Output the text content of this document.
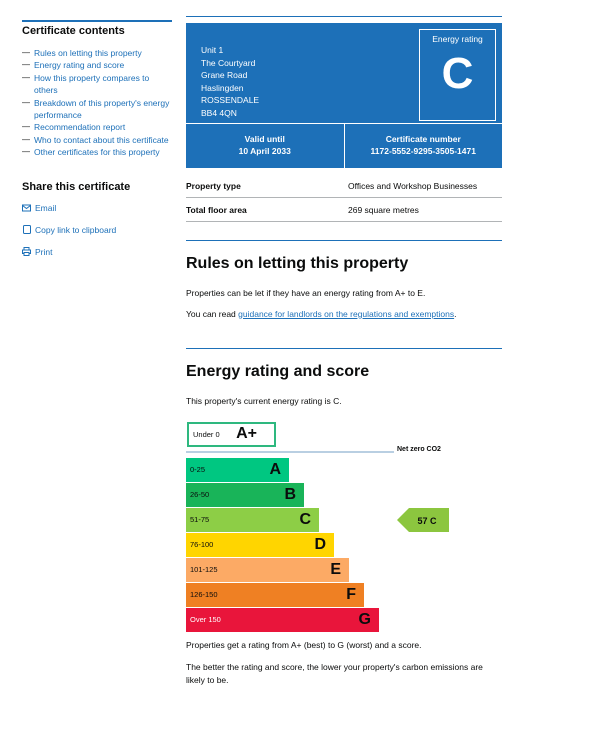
Certificate contents
— Rules on letting this property
— Energy rating and score
— How this property compares to others
— Breakdown of this property's energy performance
— Recommendation report
— Who to contact about this certificate
— Other certificates for this property
Share this certificate
Email
Copy link to clipboard
Print
Unit 1
The Courtyard
Grane Road
Haslingden
ROSSENDALE
BB4 4QN
Energy rating
C
Valid until
10 April 2033
Certificate number
1172-5552-9295-3505-1471
Property type	Offices and Workshop Businesses
Total floor area	269 square metres
Rules on letting this property

Properties can be let if they have an energy rating from A+ to E.

You can read guidance for landlords on the regulations and exemptions.

Energy rating and score

This property's current energy rating is C.

Under 0 A+
Net zero CO2
0-25	A
26-50	B
51-75	C
76-100	D
101-125	E
126-150	F
Over 150	G
57 C

Properties get a rating from A+ (best) to G (worst) and a score.

The better the rating and score, the lower your property's carbon emissions are likely to be.
